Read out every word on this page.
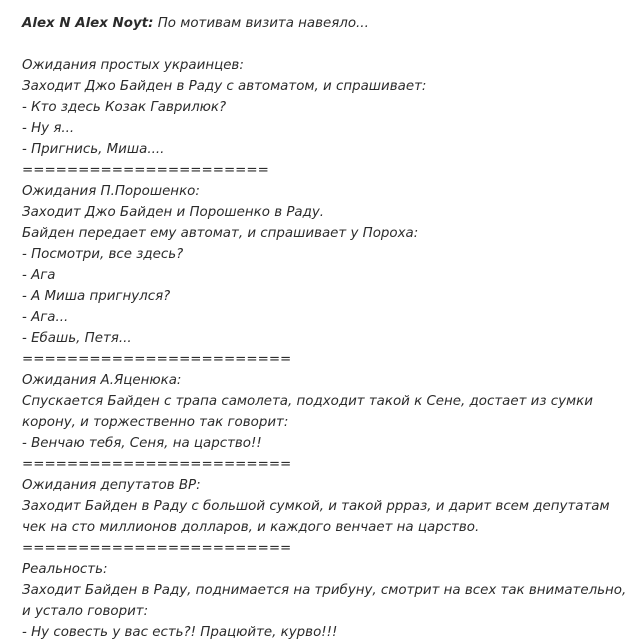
Alex N Alex Noyt: По мотивам визита навеяло...
Ожидания простых украинцев:
Заходит Джо Байден в Раду с автоматом, и спрашивает:
- Кто здесь Козак Гаврилюк?
- Ну я...
- Пригнись, Миша....
======================
Ожидания П.Порошенко:
Заходит Джо Байден и Порошенко в Раду.
Байден передает ему автомат, и спрашивает у Пороха:
- Посмотри, все здесь?
- Ага
- А Миша пригнулся?
- Ага...
- Ебашь, Петя...
========================
Ожидания А.Яценюка:
Спускается Байден с трапа самолета, подходит такой к Сене, достает из сумки корону, и торжественно так говорит:
- Венчаю тебя, Сеня, на царство!!
========================
Ожидания депутатов ВР:
Заходит Байден в Раду с большой сумкой, и такой рррaз, и дарит всем депутатам чек на сто миллионов долларов, и каждого венчает на царство.
========================
Реальность:
Заходит Байден в Раду, поднимается на трибуну, смотрит на всех так внимательно, и устало говорит:
- Ну совесть у вас есть?! Працюйте, курво!!!
